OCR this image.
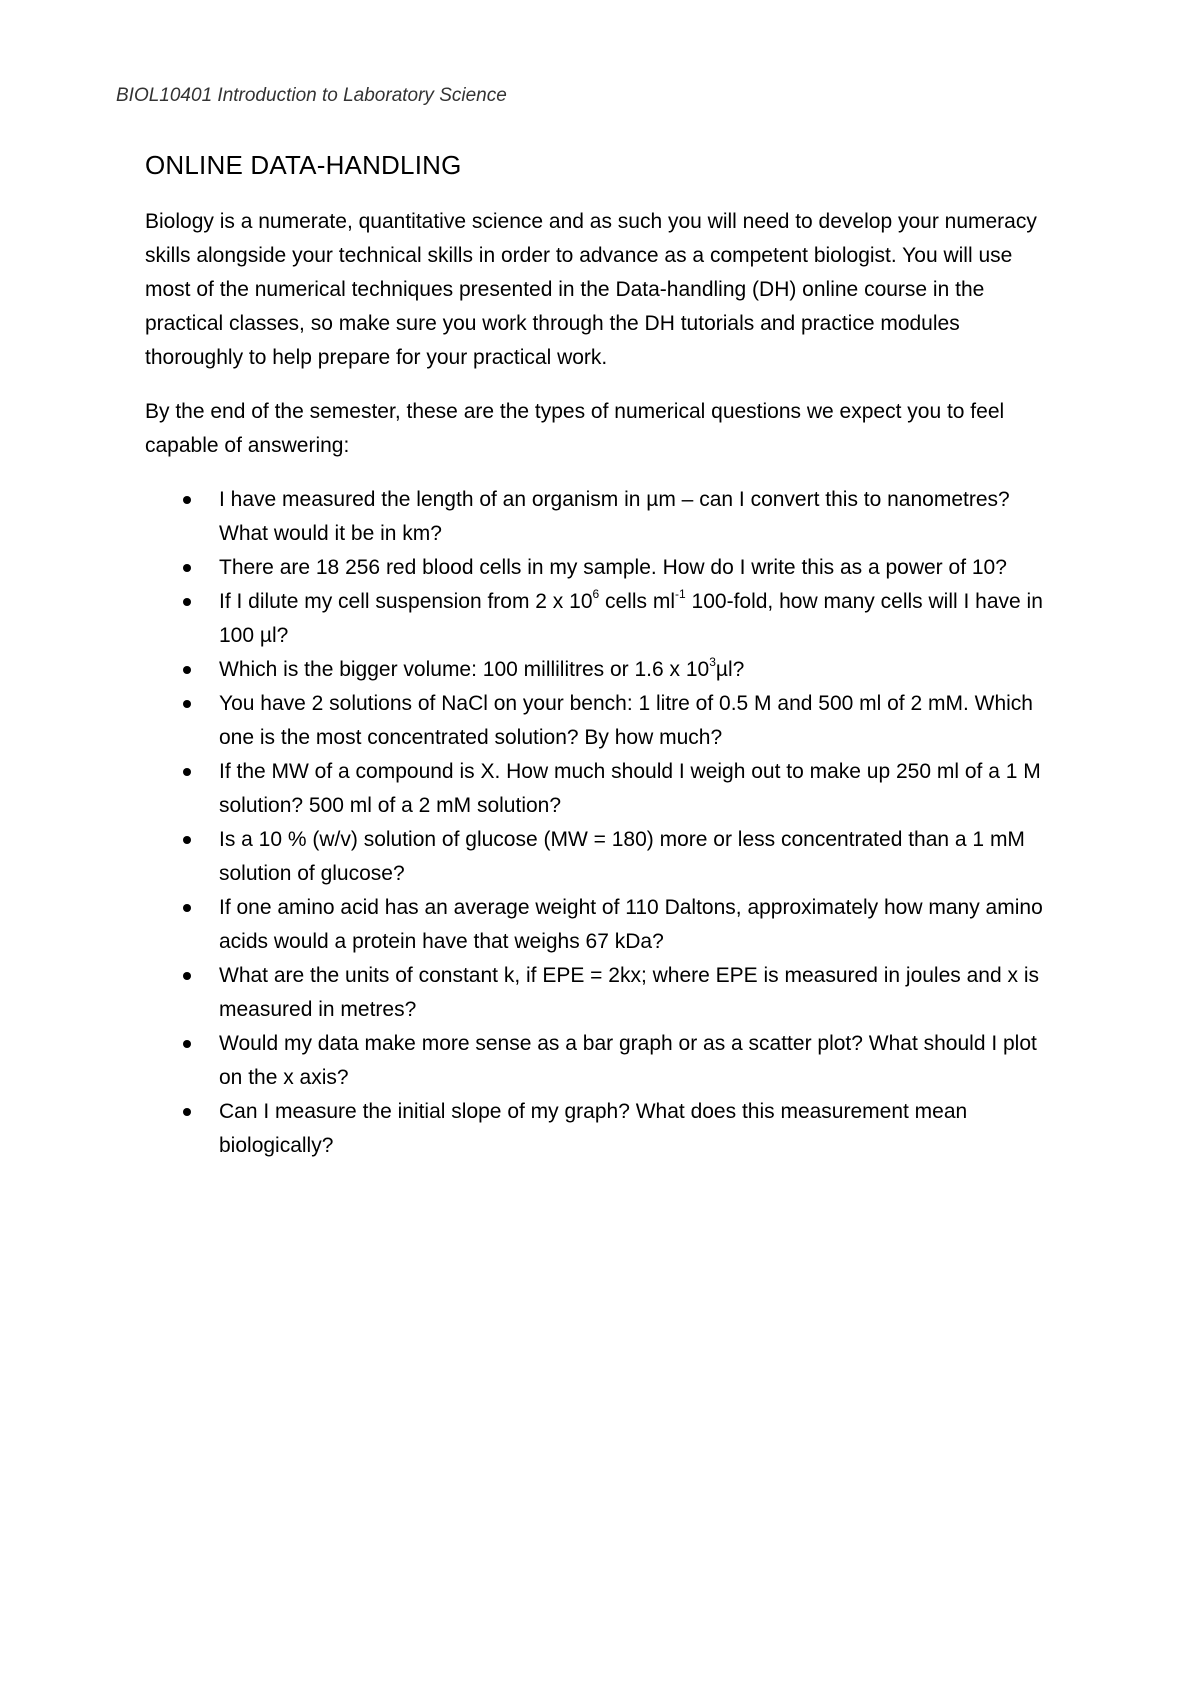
BIOL10401 Introduction to Laboratory Science
ONLINE DATA-HANDLING

Biology is a numerate, quantitative science and as such you will need to develop your numeracy skills alongside your technical skills in order to advance as a competent biologist. You will use most of the numerical techniques presented in the Data-handling (DH) online course in the practical classes, so make sure you work through the DH tutorials and practice modules thoroughly to help prepare for your practical work.

By the end of the semester, these are the types of numerical questions we expect you to feel capable of answering:

I have measured the length of an organism in µm – can I convert this to nanometres? What would it be in km?
There are 18 256 red blood cells in my sample. How do I write this as a power of 10?
If I dilute my cell suspension from 2 x $10^6$ cells $ml^{-1}$ 100-fold, how many cells will I have in 100 µl?
Which is the bigger volume: 100 millilitres or 1.6 x $10^3\mu l$?
You have 2 solutions of NaCl on your bench: 1 litre of 0.5 M and 500 ml of 2 mM. Which one is the most concentrated solution? By how much?
If the MW of a compound is X. How much should I weigh out to make up 250 ml of a 1 M solution? 500 ml of a 2 mM solution?
Is a 10 % (w/v) solution of glucose (MW = 180) more or less concentrated than a 1 mM solution of glucose?
If one amino acid has an average weight of 110 Daltons, approximately how many amino acids would a protein have that weighs 67 kDa?
What are the units of constant k, if EPE = 2kx; where EPE is measured in joules and x is measured in metres?
Would my data make more sense as a bar graph or as a scatter plot? What should I plot on the x axis?
Can I measure the initial slope of my graph? What does this measurement mean biologically?
